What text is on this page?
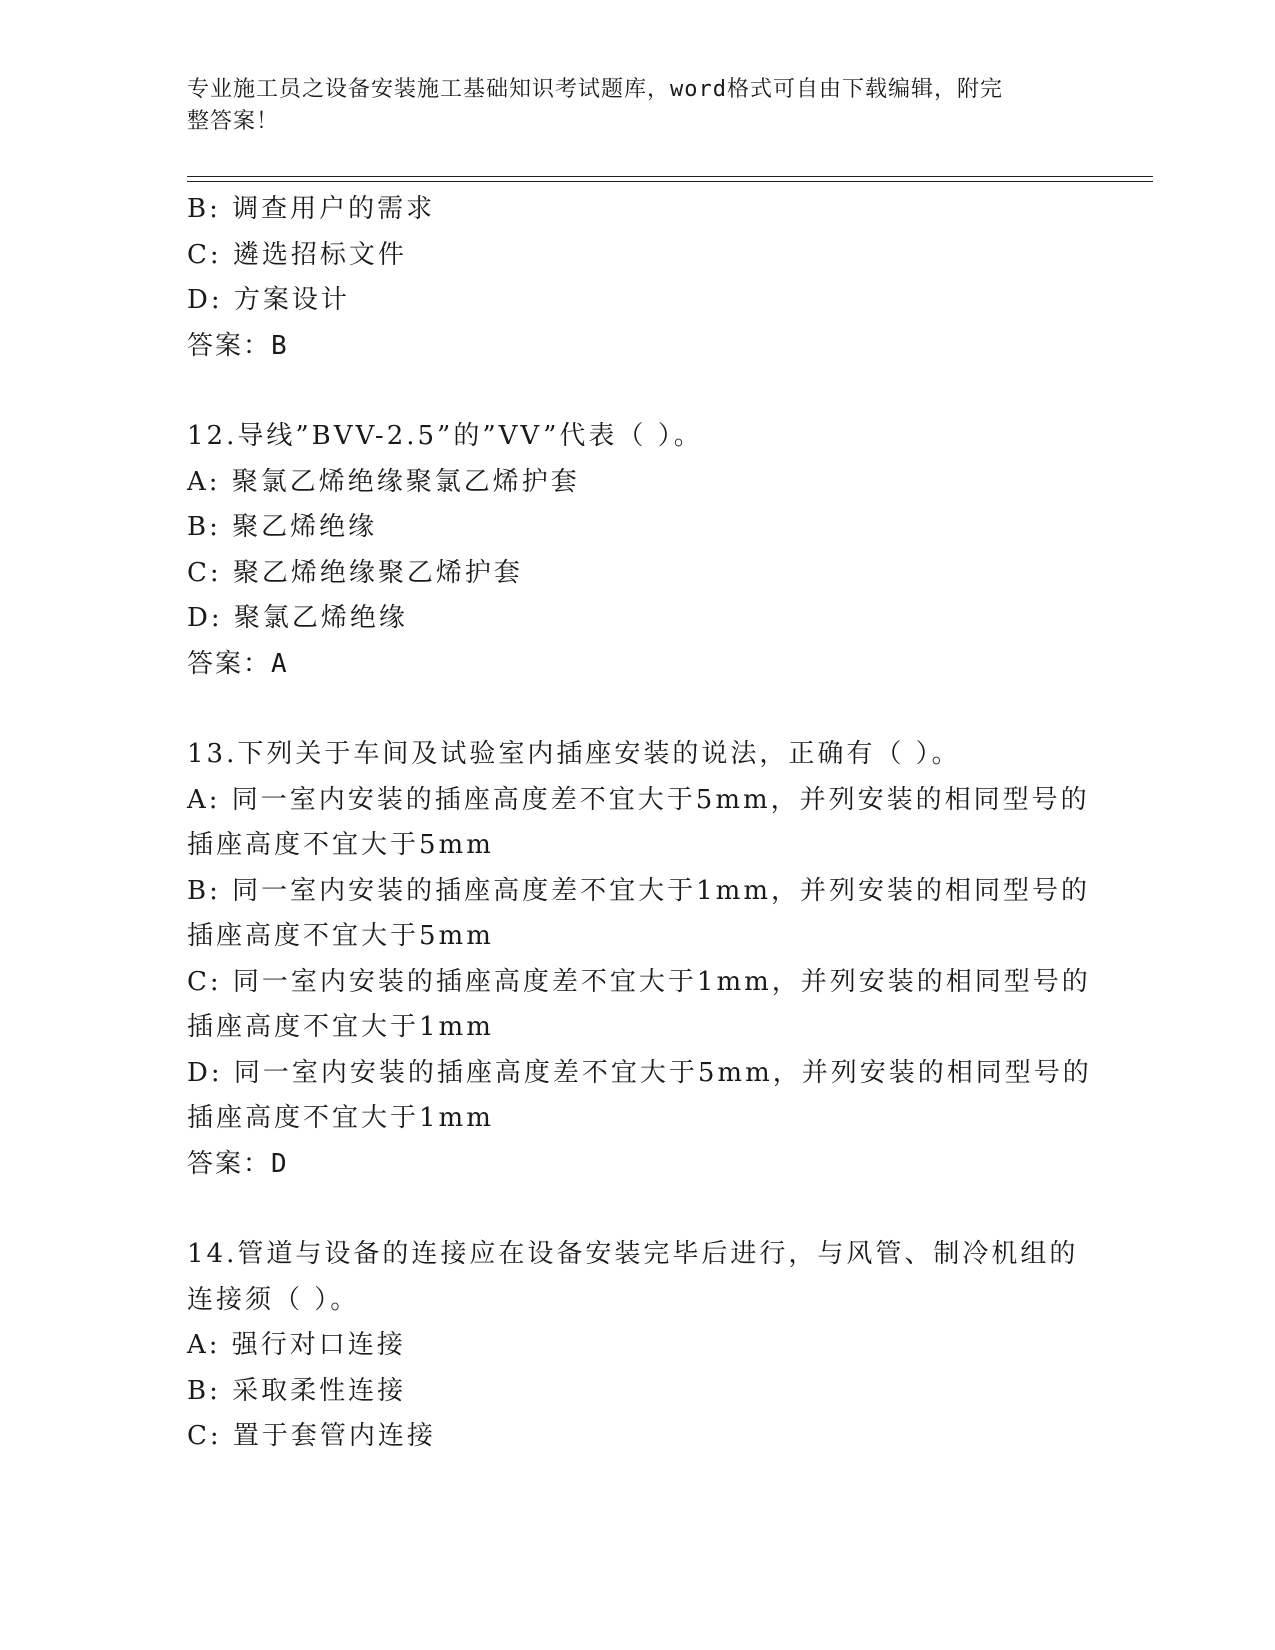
专业施工员之设备安装施工基础知识考试题库，word格式可自由下载编辑，附完
整答案！
B: 调查用户的需求
C: 遴选招标文件
D: 方案设计
答案：B
12.导线”BVV-2.5”的”VV”代表（ ）。
A: 聚氯乙烯绝缘聚氯乙烯护套
B: 聚乙烯绝缘
C: 聚乙烯绝缘聚乙烯护套
D: 聚氯乙烯绝缘
答案：A
13.下列关于车间及试验室内插座安装的说法，正确有（ ）。
A: 同一室内安装的插座高度差不宜大于5mm，并列安装的相同型号的
插座高度不宜大于5mm
B: 同一室内安装的插座高度差不宜大于1mm，并列安装的相同型号的
插座高度不宜大于5mm
C: 同一室内安装的插座高度差不宜大于1mm，并列安装的相同型号的
插座高度不宜大于1mm
D: 同一室内安装的插座高度差不宜大于5mm，并列安装的相同型号的
插座高度不宜大于1mm
答案：D
14.管道与设备的连接应在设备安装完毕后进行，与风管、制冷机组的
连接须（ ）。
A: 强行对口连接
B: 采取柔性连接
C: 置于套管内连接
